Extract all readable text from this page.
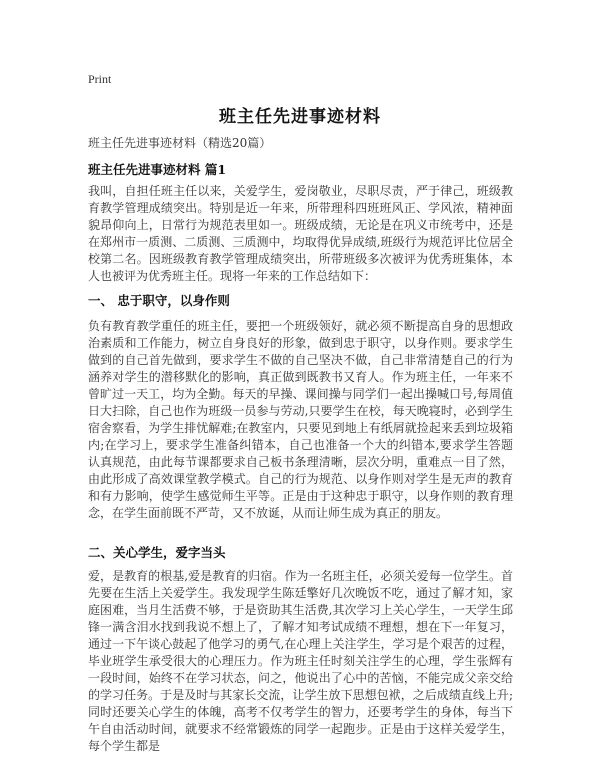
Print
班主任先进事迹材料
班主任先进事迹材料（精选20篇）
班主任先进事迹材料 篇1
我叫，自担任班主任以来，关爱学生，爱岗敬业，尽职尽责，严于律己，班级教育教学管理成绩突出。特别是近一年来，所带理科四班班风正、学风浓，精神面貌昂仰向上，日常行为规范表里如一。班级成绩，无论是在巩义市统考中，还是在郑州市一质测、二质测、三质测中，均取得优异成绩,班级行为规范评比位居全校第二名。因班级教育教学管理成绩突出，所带班级多次被评为优秀班集体，本人也被评为优秀班主任。现将一年来的工作总结如下：
一、 忠于职守，以身作则
负有教育教学重任的班主任，要把一个班级领好，就必须不断提高自身的思想政治素质和工作能力，树立自身良好的形象，做到忠于职守，以身作则。要求学生做到的自己首先做到，要求学生不做的自己坚决不做，自己非常清楚自己的行为涵养对学生的潜移默化的影响，真正做到既教书又育人。作为班主任，一年来不曾旷过一天工，均为全勤。每天的早操、课间操与同学们一起出操喊口号,每周值日大扫除，自己也作为班级一员参与劳动,只要学生在校，每天晚寝时，必到学生宿舍察看，为学生排忧解难;在教室内，只要见到地上有纸屑就捡起来丢到垃圾箱内;在学习上，要求学生准备纠错本，自己也准备一个大的纠错本,要求学生答题认真规范，由此每节课都要求自己板书条理清晰，层次分明，重难点一目了然，由此形成了高效课堂教学模式。自己的行为规范、以身作则对学生是无声的教育和有力影响，使学生感觉师生平等。正是由于这种忠于职守，以身作则的教育理念，在学生面前既不严苛，又不放诞，从而让师生成为真正的朋友。
二、关心学生，爱字当头
爱，是教育的根基,爱是教育的归宿。作为一名班主任，必须关爱每一位学生。首先要在生活上关爱学生。我发现学生陈廷擎好几次晚饭不吃，通过了解才知，家庭困难，当月生活费不够，于是资助其生活费,其次学习上关心学生，一天学生邱锋一满含泪水找到我说不想上了，了解才知考试成绩不理想，想在下一年复习，通过一下午谈心鼓起了他学习的勇气,在心理上关注学生，学习是个艰苦的过程，毕业班学生承受很大的心理压力。作为班主任时刻关注学生的心理，学生张辉有一段时间，始终不在学习状态，问之，他说出了心中的苦恼，不能完成父亲交给的学习任务。于是及时与其家长交流，让学生放下思想包袱，之后成绩直线上升;同时还要关心学生的体魄，高考不仅考学生的智力，还要考学生的身体，每当下午自由活动时间，就要求不经常锻炼的同学一起跑步。正是由于这样关爱学生，每个学生都是
